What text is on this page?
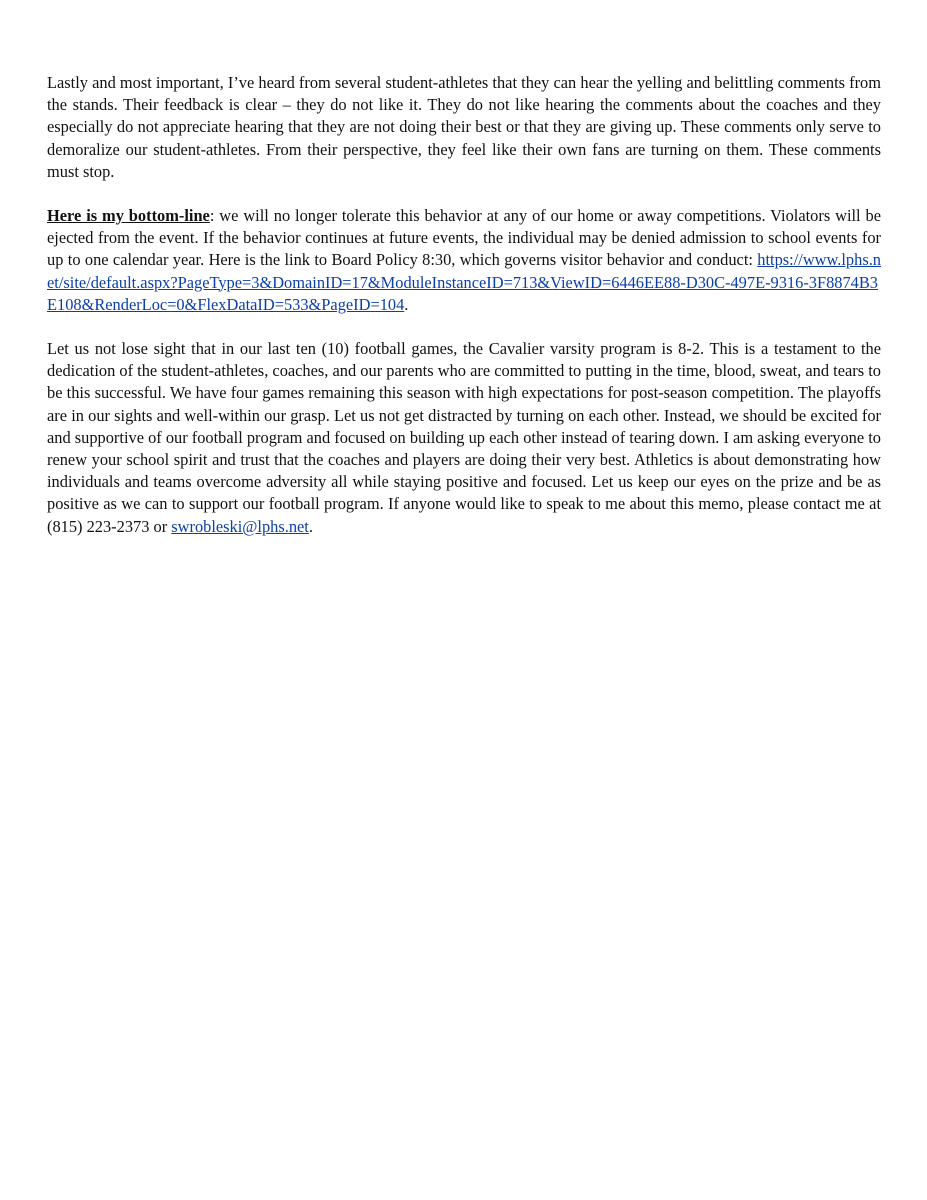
Lastly and most important, I’ve heard from several student-athletes that they can hear the yelling and belittling comments from the stands. Their feedback is clear – they do not like it. They do not like hearing the comments about the coaches and they especially do not appreciate hearing that they are not doing their best or that they are giving up. These comments only serve to demoralize our student-athletes. From their perspective, they feel like their own fans are turning on them. These comments must stop.

Here is my bottom-line: we will no longer tolerate this behavior at any of our home or away competitions. Violators will be ejected from the event. If the behavior continues at future events, the individual may be denied admission to school events for up to one calendar year. Here is the link to Board Policy 8:30, which governs visitor behavior and conduct: https://www.lphs.net/site/default.aspx?PageType=3&DomainID=17&ModuleInstanceID=713&ViewID=6446EE88-D30C-497E-9316-3F8874B3E108&RenderLoc=0&FlexDataID=533&PageID=104.

Let us not lose sight that in our last ten (10) football games, the Cavalier varsity program is 8-2. This is a testament to the dedication of the student-athletes, coaches, and our parents who are committed to putting in the time, blood, sweat, and tears to be this successful. We have four games remaining this season with high expectations for post-season competition. The playoffs are in our sights and well-within our grasp. Let us not get distracted by turning on each other. Instead, we should be excited for and supportive of our football program and focused on building up each other instead of tearing down. I am asking everyone to renew your school spirit and trust that the coaches and players are doing their very best. Athletics is about demonstrating how individuals and teams overcome adversity all while staying positive and focused. Let us keep our eyes on the prize and be as positive as we can to support our football program. If anyone would like to speak to me about this memo, please contact me at (815) 223-2373 or swrobleski@lphs.net.
